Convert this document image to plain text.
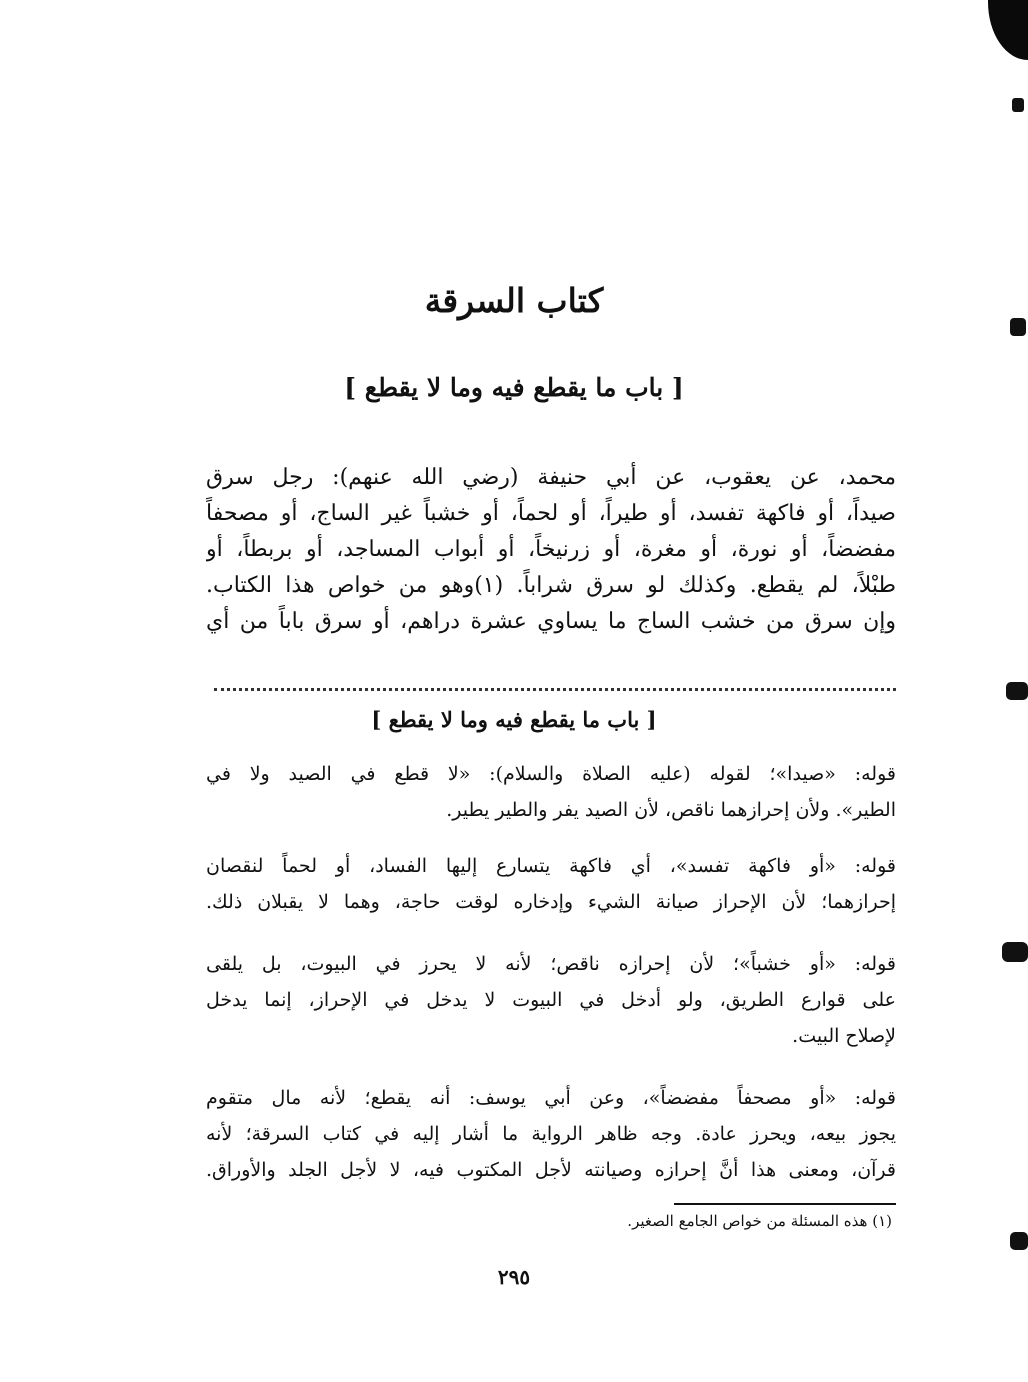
كتاب السرقة
[ باب ما يقطع فيه وما لا يقطع ]
محمد، عن يعقوب، عن أبي حنيفة (رضي الله عنهم): رجل سرق
صيداً، أو فاكهة تفسد، أو طيراً، أو لحماً، أو خشباً غير الساج، أو مصحفاً
مفضضاً، أو نورة، أو مغرة، أو زرنيخاً، أو أبواب المساجد، أو بربطاً، أو
طبْلاً، لم يقطع. وكذلك لو سرق شراباً. (١)وهو من خواص هذا الكتاب.
وإن سرق من خشب الساج ما يساوي عشرة دراهم، أو سرق باباً من أي
[ باب ما يقطع فيه وما لا يقطع ]
قوله: «صيدا»؛ لقوله (عليه الصلاة والسلام): «لا قطع في الصيد ولا في
الطير». ولأن إحرازهما ناقص، لأن الصيد يفر والطير يطير.
قوله: «أو فاكهة تفسد»، أي فاكهة يتسارع إليها الفساد، أو لحماً لنقصان
إحرازهما؛ لأن الإحراز صيانة الشيء وإدخاره لوقت حاجة، وهما لا يقبلان ذلك.
قوله: «أو خشباً»؛ لأن إحرازه ناقص؛ لأنه لا يحرز في البيوت، بل يلقى
على قوارع الطريق، ولو أدخل في البيوت لا يدخل في الإحراز، إنما يدخل
لإصلاح البيت.
قوله: «أو مصحفاً مفضضاً»، وعن أبي يوسف: أنه يقطع؛ لأنه مال متقوم
يجوز بيعه، ويحرز عادة. وجه ظاهر الرواية ما أشار إليه في كتاب السرقة؛ لأنه
قرآن، ومعنى هذا أنَّ إحرازه وصيانته لأجل المكتوب فيه، لا لأجل الجلد والأوراق.
(١) هذه المسئلة من خواص الجامع الصغير.
٢٩٥
